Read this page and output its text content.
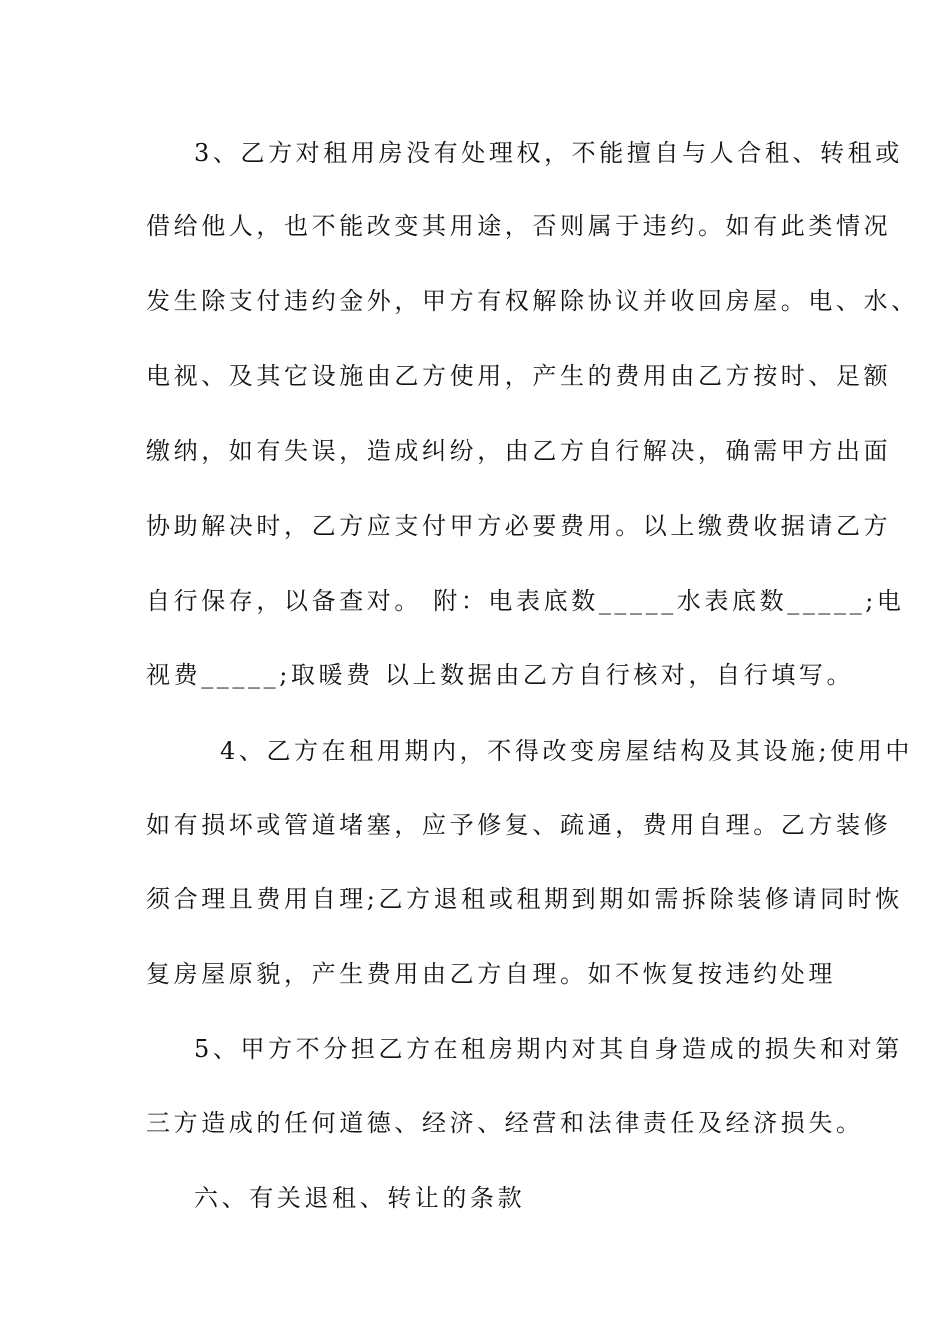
3、乙方对租用房没有处理权，不能擅自与人合租、转租或
借给他人，也不能改变其用途，否则属于违约。如有此类情况
发生除支付违约金外，甲方有权解除协议并收回房屋。电、水、
电视、及其它设施由乙方使用，产生的费用由乙方按时、足额
缴纳，如有失误，造成纠纷，由乙方自行解决，确需甲方出面
协助解决时，乙方应支付甲方必要费用。以上缴费收据请乙方
自行保存，以备查对。 附：电表底数_____水表底数_____;电
视费_____;取暖费 以上数据由乙方自行核对，自行填写。
4、乙方在租用期内，不得改变房屋结构及其设施;使用中
如有损坏或管道堵塞，应予修复、疏通，费用自理。乙方装修
须合理且费用自理;乙方退租或租期到期如需拆除装修请同时恢
复房屋原貌，产生费用由乙方自理。如不恢复按违约处理
5、甲方不分担乙方在租房期内对其自身造成的损失和对第
三方造成的任何道德、经济、经营和法律责任及经济损失。
六、有关退租、转让的条款
